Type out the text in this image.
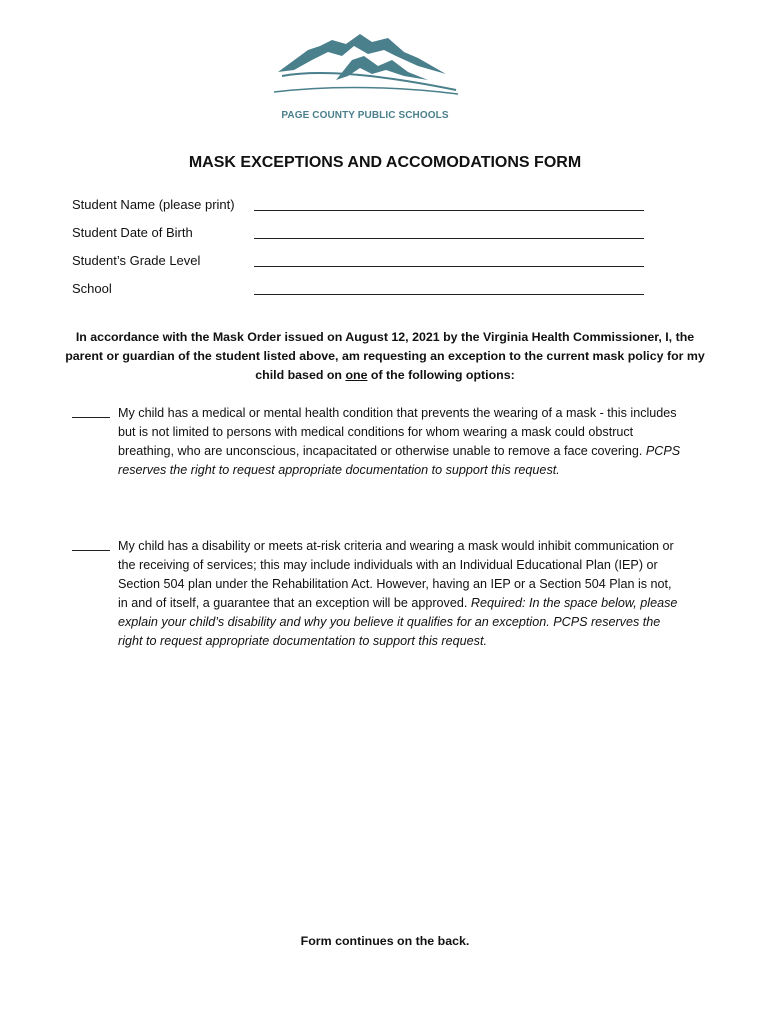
PAGE COUNTY PUBLIC SCHOOLS
MASK EXCEPTIONS AND ACCOMODATIONS FORM
Student Name (please print)
Student Date of Birth
Student’s Grade Level
School
In accordance with the Mask Order issued on August 12, 2021 by the Virginia Health Commissioner, I, the parent or guardian of the student listed above, am requesting an exception to the current mask policy for my child based on one of the following options:
My child has a medical or mental health condition that prevents the wearing of a mask - this includes but is not limited to persons with medical conditions for whom wearing a mask could obstruct breathing, who are unconscious, incapacitated or otherwise unable to remove a face covering. PCPS reserves the right to request appropriate documentation to support this request.
My child has a disability or meets at-risk criteria and wearing a mask would inhibit communication or the receiving of services; this may include individuals with an Individual Educational Plan (IEP) or Section 504 plan under the Rehabilitation Act. However, having an IEP or a Section 504 Plan is not, in and of itself, a guarantee that an exception will be approved. Required: In the space below, please explain your child’s disability and why you believe it qualifies for an exception. PCPS reserves the right to request appropriate documentation to support this request.
Form continues on the back.
